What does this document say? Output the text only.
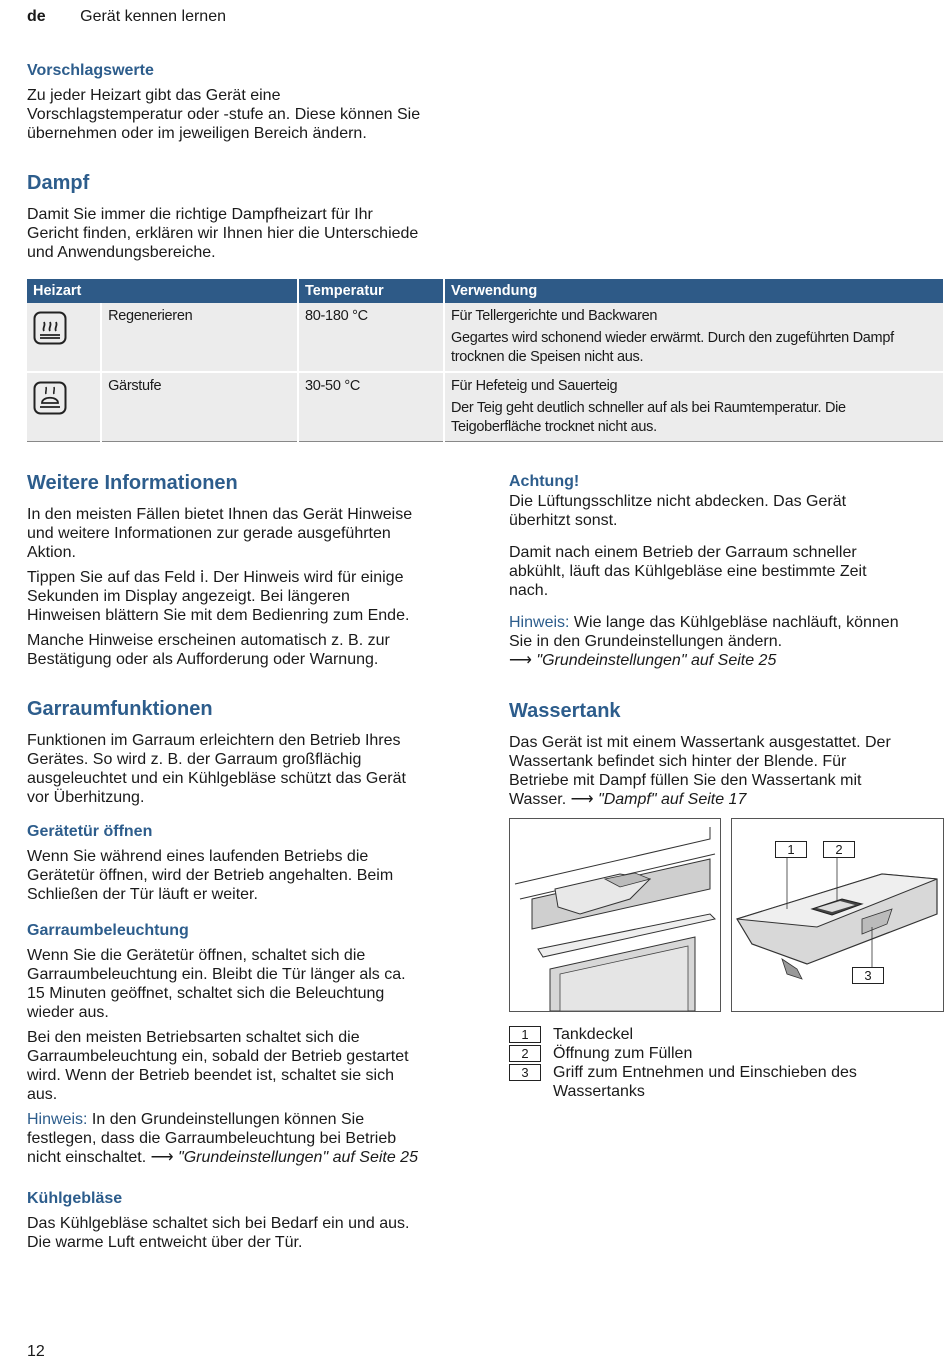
de Gerät kennen lernen

Vorschlagswerte

Zu jeder Heizart gibt das Gerät eine
Vorschlagstemperatur oder -stufe an. Diese können Sie
übernehmen oder im jeweiligen Bereich ändern.

Dampf

Damit Sie immer die richtige Dampfheizart für Ihr
Gericht finden, erklären wir Ihnen hier die Unterschiede
und Anwendungsbereiche.

Heizart		Temperatur	Verwendung

	Regenerieren	80-180 °C	Für Tellergerichte und Backwaren
Gegartes wird schonend wieder erwärmt. Durch den zugeführten Dampf trocknen die Speisen nicht aus.

	Gärstufe	30-50 °C	Für Hefeteig und Sauerteig
Der Teig geht deutlich schneller auf als bei Raumtemperatur. Die Teigoberfläche trocknet nicht aus.

Weitere Informationen

In den meisten Fällen bietet Ihnen das Gerät Hinweise
und weitere Informationen zur gerade ausgeführten
Aktion.

Tippen Sie auf das Feld ⅰ. Der Hinweis wird für einige
Sekunden im Display angezeigt. Bei längeren
Hinweisen blättern Sie mit dem Bedienring zum Ende.

Manche Hinweise erscheinen automatisch z. B. zur
Bestätigung oder als Aufforderung oder Warnung.

Garraumfunktionen

Funktionen im Garraum erleichtern den Betrieb Ihres
Gerätes. So wird z. B. der Garraum großflächig
ausgeleuchtet und ein Kühlgebläse schützt das Gerät
vor Überhitzung.

Gerätetür öffnen

Wenn Sie während eines laufenden Betriebs die
Gerätetür öffnen, wird der Betrieb angehalten. Beim
Schließen der Tür läuft er weiter.

Garraumbeleuchtung

Wenn Sie die Gerätetür öffnen, schaltet sich die
Garraumbeleuchtung ein. Bleibt die Tür länger als ca.
15 Minuten geöffnet, schaltet sich die Beleuchtung
wieder aus.

Bei den meisten Betriebsarten schaltet sich die
Garraumbeleuchtung ein, sobald der Betrieb gestartet
wird. Wenn der Betrieb beendet ist, schaltet sie sich
aus.

Hinweis: In den Grundeinstellungen können Sie
festlegen, dass die Garraumbeleuchtung bei Betrieb
nicht einschaltet. ⟶ "Grundeinstellungen" auf Seite 25

Kühlgebläse

Das Kühlgebläse schaltet sich bei Bedarf ein und aus.
Die warme Luft entweicht über der Tür.

Achtung!

Die Lüftungsschlitze nicht abdecken. Das Gerät
überhitzt sonst.

Damit nach einem Betrieb der Garraum schneller
abkühlt, läuft das Kühlgebläse eine bestimmte Zeit
nach.

Hinweis: Wie lange das Kühlgebläse nachläuft, können
Sie in den Grundeinstellungen ändern.
⟶ "Grundeinstellungen" auf Seite 25

Wassertank

Das Gerät ist mit einem Wassertank ausgestattet. Der
Wassertank befindet sich hinter der Blende. Für
Betriebe mit Dampf füllen Sie den Wassertank mit
Wasser. ⟶ "Dampf" auf Seite 17

1	2
3
1 Tankdeckel
2 Öffnung zum Füllen
3 Griff zum Entnehmen und Einschieben des
Wassertanks
12
